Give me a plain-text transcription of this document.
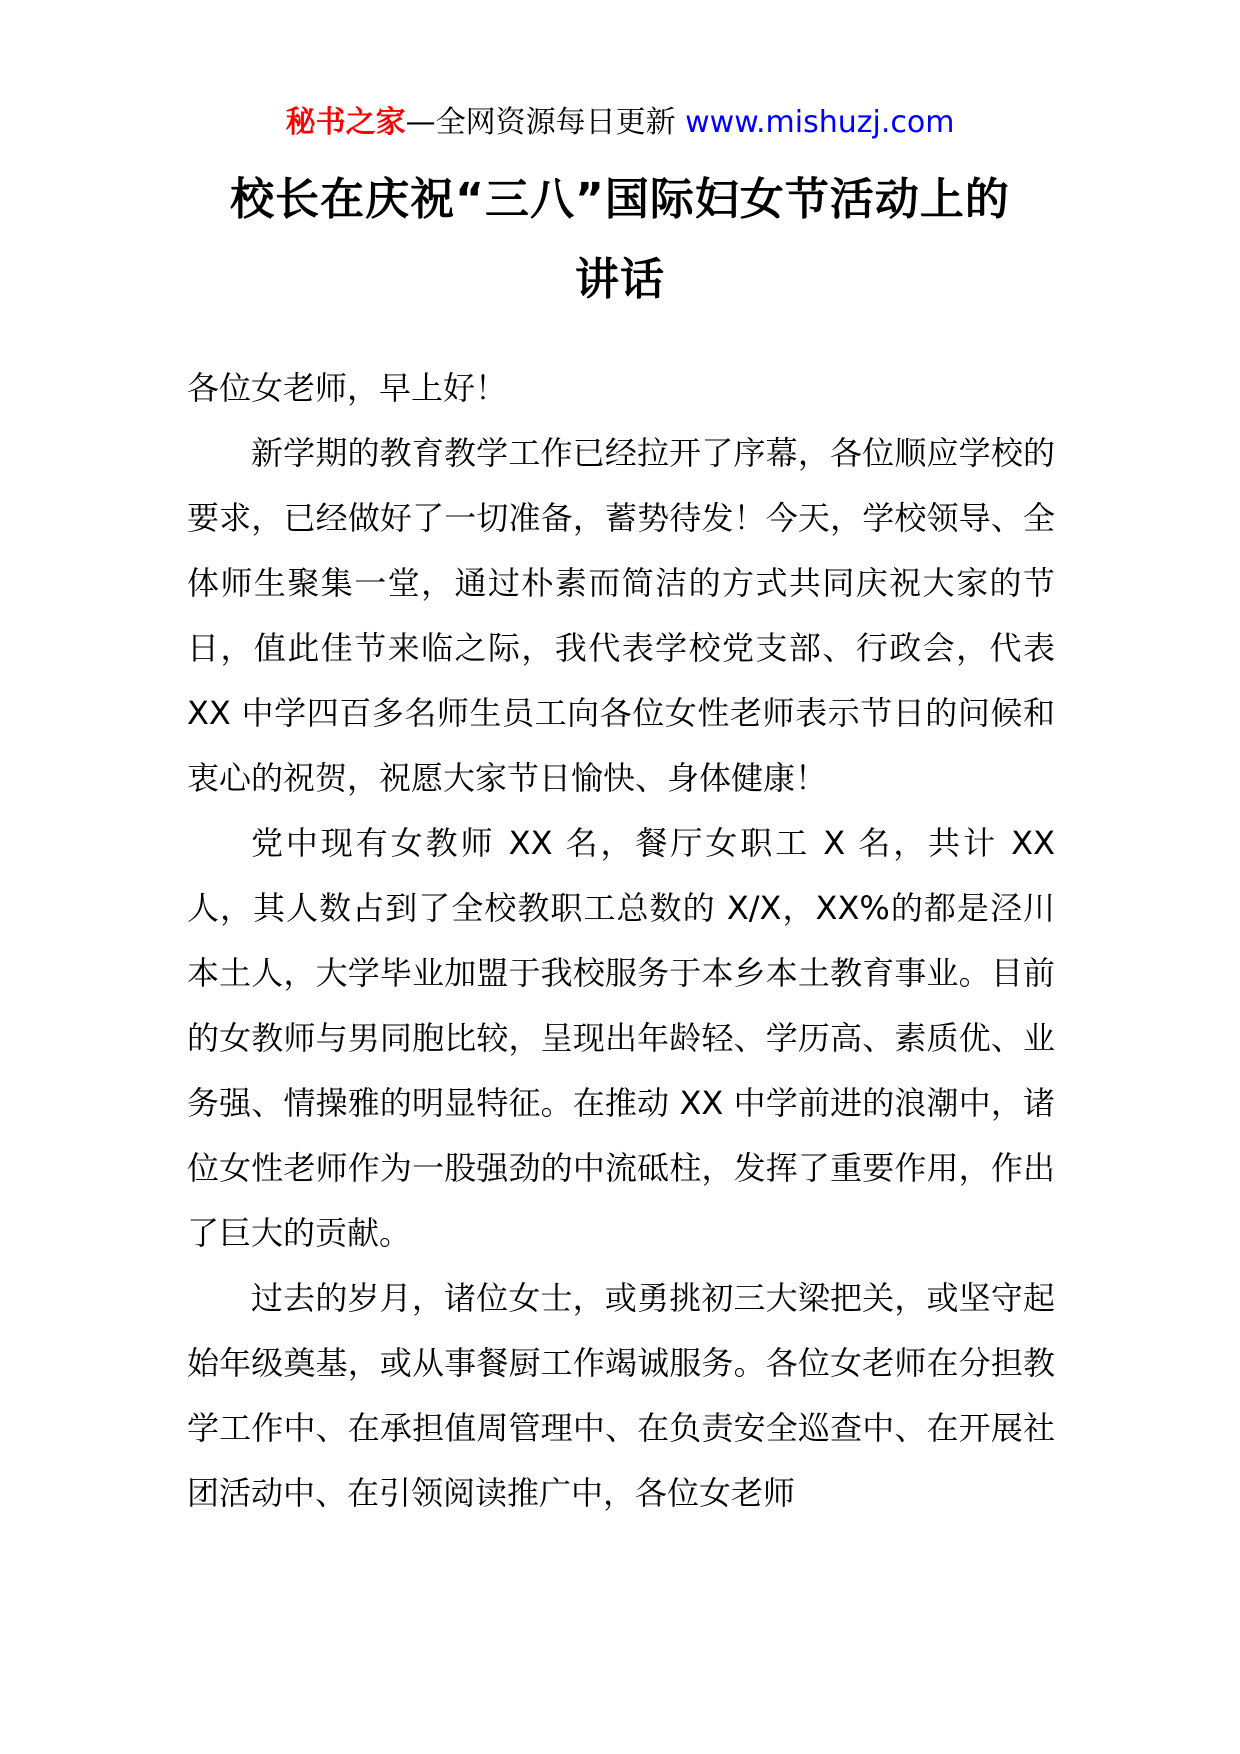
秘书之家—全网资源每日更新 www.mishuzj.com
校长在庆祝“三八”国际妇女节活动上的
讲话

各位女老师，早上好！

新学期的教育教学工作已经拉开了序幕，各位顺应学校的要求，已经做好了一切准备，蓄势待发！今天，学校领导、全体师生聚集一堂，通过朴素而简洁的方式共同庆祝大家的节日，值此佳节来临之际，我代表学校党支部、行政会，代表 XX 中学四百多名师生员工向各位女性老师表示节日的问候和衷心的祝贺，祝愿大家节日愉快、身体健康！

党中现有女教师 XX 名，餐厅女职工 X 名，共计 XX 人，其人数占到了全校教职工总数的 X/X，XX%的都是泾川本土人，大学毕业加盟于我校服务于本乡本土教育事业。目前的女教师与男同胞比较，呈现出年龄轻、学历高、素质优、业务强、情操雅的明显特征。在推动 XX 中学前进的浪潮中，诸位女性老师作为一股强劲的中流砥柱，发挥了重要作用，作出了巨大的贡献。

过去的岁月，诸位女士，或勇挑初三大梁把关，或坚守起始年级奠基，或从事餐厨工作竭诚服务。各位女老师在分担教学工作中、在承担值周管理中、在负责安全巡查中、在开展社团活动中、在引领阅读推广中，各位女老师
